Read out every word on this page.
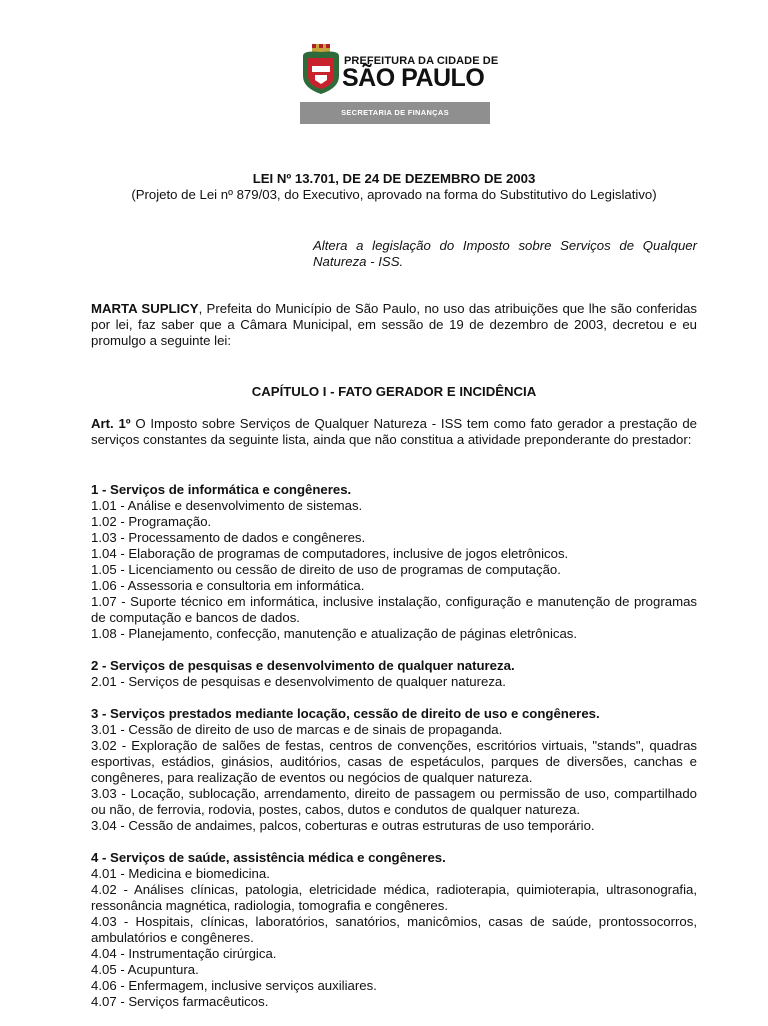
PREFEITURA DA CIDADE DE
SÃO PAULO
SECRETARIA DE FINANÇAS
LEI Nº 13.701, DE 24 DE DEZEMBRO DE 2003
(Projeto de Lei nº 879/03, do Executivo, aprovado na forma do Substitutivo do Legislativo)
Altera a legislação do Imposto sobre Serviços de Qualquer Natureza - ISS.
MARTA SUPLICY, Prefeita do Município de São Paulo, no uso das atribuições que lhe são conferidas por lei, faz saber que a Câmara Municipal, em sessão de 19 de dezembro de 2003, decretou e eu promulgo a seguinte lei:
CAPÍTULO I - FATO GERADOR E INCIDÊNCIA
Art. 1º O Imposto sobre Serviços de Qualquer Natureza - ISS tem como fato gerador a prestação de serviços constantes da seguinte lista, ainda que não constitua a atividade preponderante do prestador:
1 - Serviços de informática e congêneres.
1.01 - Análise e desenvolvimento de sistemas.
1.02 - Programação.
1.03 - Processamento de dados e congêneres.
1.04 - Elaboração de programas de computadores, inclusive de jogos eletrônicos.
1.05 - Licenciamento ou cessão de direito de uso de programas de computação.
1.06 - Assessoria e consultoria em informática.
1.07 - Suporte técnico em informática, inclusive instalação, configuração e manutenção de programas de computação e bancos de dados.
1.08 - Planejamento, confecção, manutenção e atualização de páginas eletrônicas.
2 - Serviços de pesquisas e desenvolvimento de qualquer natureza.
2.01 - Serviços de pesquisas e desenvolvimento de qualquer natureza.
3 - Serviços prestados mediante locação, cessão de direito de uso e congêneres.
3.01 - Cessão de direito de uso de marcas e de sinais de propaganda.
3.02 - Exploração de salões de festas, centros de convenções, escritórios virtuais, "stands", quadras esportivas, estádios, ginásios, auditórios, casas de espetáculos, parques de diversões, canchas e congêneres, para realização de eventos ou negócios de qualquer natureza.
3.03 - Locação, sublocação, arrendamento, direito de passagem ou permissão de uso, compartilhado ou não, de ferrovia, rodovia, postes, cabos, dutos e condutos de qualquer natureza.
3.04 - Cessão de andaimes, palcos, coberturas e outras estruturas de uso temporário.
4 - Serviços de saúde, assistência médica e congêneres.
4.01 - Medicina e biomedicina.
4.02 - Análises clínicas, patologia, eletricidade médica, radioterapia, quimioterapia, ultrasonografia, ressonância magnética, radiologia, tomografia e congêneres.
4.03 - Hospitais, clínicas, laboratórios, sanatórios, manicômios, casas de saúde, prontossocorros, ambulatórios e congêneres.
4.04 - Instrumentação cirúrgica.
4.05 - Acupuntura.
4.06 - Enfermagem, inclusive serviços auxiliares.
4.07 - Serviços farmacêuticos.
